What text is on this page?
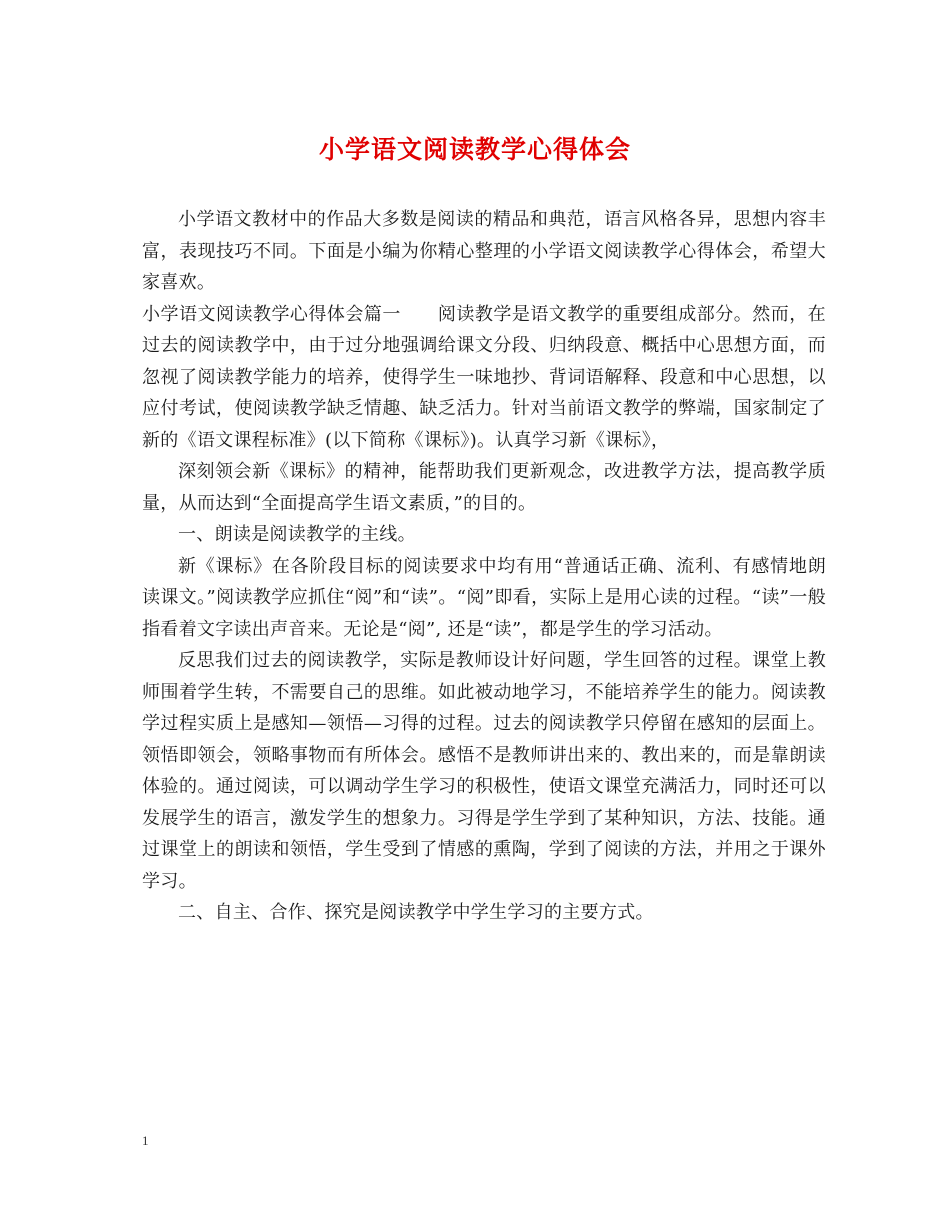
小学语文阅读教学心得体会

小学语文教材中的作品大多数是阅读的精品和典范，语言风格各异，思想内容丰富，表现技巧不同。下面是小编为你精心整理的小学语文阅读教学心得体会，希望大家喜欢。

小学语文阅读教学心得体会篇一　　阅读教学是语文教学的重要组成部分。然而，在过去的阅读教学中，由于过分地强调给课文分段、归纳段意、概括中心思想方面，而忽视了阅读教学能力的培养，使得学生一味地抄、背词语解释、段意和中心思想，以应付考试，使阅读教学缺乏情趣、缺乏活力。针对当前语文教学的弊端，国家制定了新的《语文课程标准》(以下简称《课标》)。认真学习新《课标》，

深刻领会新《课标》的精神，能帮助我们更新观念，改进教学方法，提高教学质量，从而达到“全面提高学生语文素质，”的目的。

一、朗读是阅读教学的主线。

新《课标》在各阶段目标的阅读要求中均有用“普通话正确、流利、有感情地朗读课文。”阅读教学应抓住“阅”和“读”。“阅”即看，实际上是用心读的过程。“读”一般指看着文字读出声音来。无论是“阅”, 还是“读”，都是学生的学习活动。

反思我们过去的阅读教学，实际是教师设计好问题，学生回答的过程。课堂上教师围着学生转，不需要自己的思维。如此被动地学习，不能培养学生的能力。阅读教学过程实质上是感知—领悟—习得的过程。过去的阅读教学只停留在感知的层面上。领悟即领会，领略事物而有所体会。感悟不是教师讲出来的、教出来的，而是靠朗读体验的。通过阅读，可以调动学生学习的积极性，使语文课堂充满活力，同时还可以发展学生的语言，激发学生的想象力。习得是学生学到了某种知识，方法、技能。通过课堂上的朗读和领悟，学生受到了情感的熏陶，学到了阅读的方法，并用之于课外学习。

二、自主、合作、探究是阅读教学中学生学习的主要方式。

1
